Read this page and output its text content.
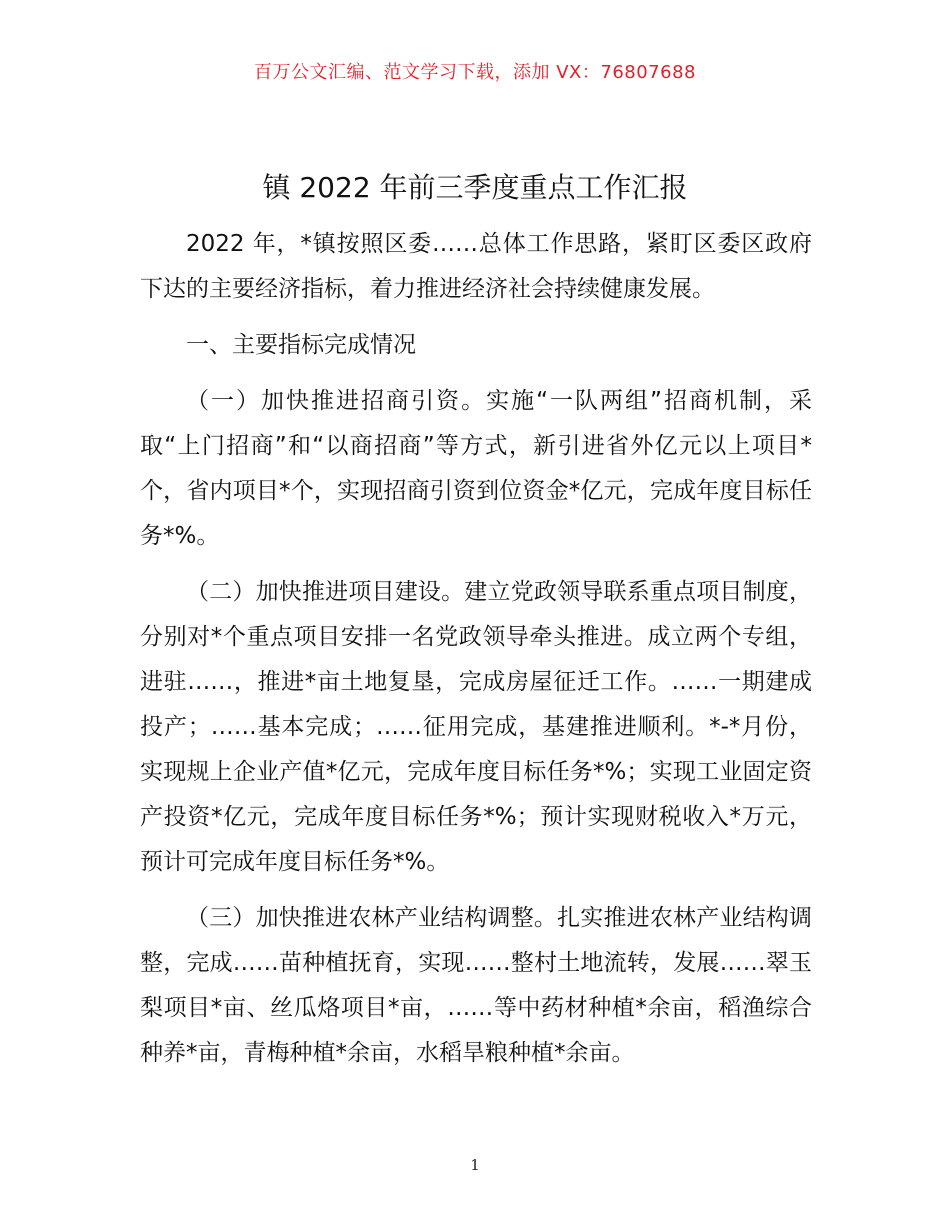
百万公文汇编、范文学习下载，添加 VX：76807688
镇 2022 年前三季度重点工作汇报

2022 年，*镇按照区委……总体工作思路，紧盯区委区政府下达的主要经济指标，着力推进经济社会持续健康发展。

一、主要指标完成情况

（一）加快推进招商引资。实施“一队两组”招商机制，采取“上门招商”和“以商招商”等方式，新引进省外亿元以上项目*个，省内项目*个，实现招商引资到位资金*亿元，完成年度目标任务*%。

（二）加快推进项目建设。建立党政领导联系重点项目制度，分别对*个重点项目安排一名党政领导牵头推进。成立两个专组，进驻……，推进*亩土地复垦，完成房屋征迁工作。……一期建成投产；……基本完成；……征用完成，基建推进顺利。*-*月份，实现规上企业产值*亿元，完成年度目标任务*%；实现工业固定资产投资*亿元，完成年度目标任务*%；预计实现财税收入*万元，预计可完成年度目标任务*%。

（三）加快推进农林产业结构调整。扎实推进农林产业结构调整，完成……苗种植抚育，实现……整村土地流转，发展……翠玉梨项目*亩、丝瓜烙项目*亩，……等中药材种植*余亩，稻渔综合种养*亩，青梅种植*余亩，水稻旱粮种植*余亩。

1
